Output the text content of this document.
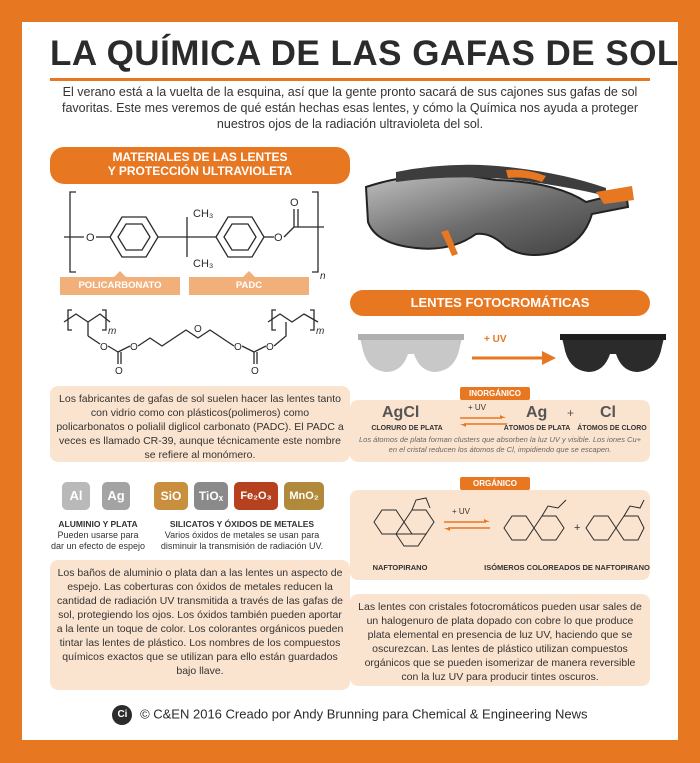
LA QUÍMICA DE LAS GAFAS DE SOL
El verano está a la vuelta de la esquina, así que la gente pronto sacará de sus cajones sus gafas de sol favoritas. Este mes veremos de qué están hechas esas lentes, y cómo la Química nos ayuda a proteger nuestros ojos de la radiación ultravioleta del sol.
MATERIALES DE LAS LENTES
Y PROTECCIÓN ULTRAVIOLETA
O
CH₃
CH₃
O
O
n
POLICARBONATO	PADC
m
O
O
O
O
O
O
O
m
Los fabricantes de gafas de sol suelen hacer las lentes tanto con vidrio como con plásticos(polimeros) como policarbonatos o polialil diglicol carbonato (PADC). El PADC a veces es llamado CR-39, aunque técnicamente este nombre se refiere al monómero.
Al	Ag	SiO	TiOₓ	Fe₂O₃	MnO₂
ALUMINIO Y PLATA
Pueden usarse para dar un efecto de espejo
SILICATOS Y ÓXIDOS DE METALES
Varios óxidos de metales se usan para disminuir la transmisión de radiación UV.
Los baños de aluminio o plata dan a las lentes un aspecto de espejo. Las coberturas con óxidos de metales reducen la cantidad de radiación UV transmitida a través de las gafas de sol, protegiendo los ojos. Los óxidos también pueden aportar a la lente un toque de color. Los colorantes orgánicos pueden tintar las lentes de plástico. Los nombres de los compuestos químicos exactos que se utilizan para ello están guardados bajo llave.
LENTES FOTOCROMÁTICAS
+ UV
INORGÁNICO
AgCl
CLORURO DE PLATA
+ UV Ag
ÁTOMOS DE PLATA
+ Cl
ÁTOMOS DE CLORO
Los átomos de plata forman clusters que absorben la luz UV y visible. Los iones Cu+ en el cristal reducen los átomos de Cl, impidiendo que se escapen.
ORGÁNICO
+ UV
+
NAFTOPIRANO	ISÓMEROS COLOREADOS DE NAFTOPIRANO
Las lentes con cristales fotocromáticos pueden usar sales de un halogenuro de plata dopado con cobre lo que produce plata elemental en presencia de luz UV, haciendo que se oscurezcan. Las lentes de plástico utilizan compuestos orgánicos que se pueden isomerizar de manera reversible con la luz UV para producir tintes oscuros.
Ci © C&EN 2016 Creado por Andy Brunning para Chemical & Engineering News
